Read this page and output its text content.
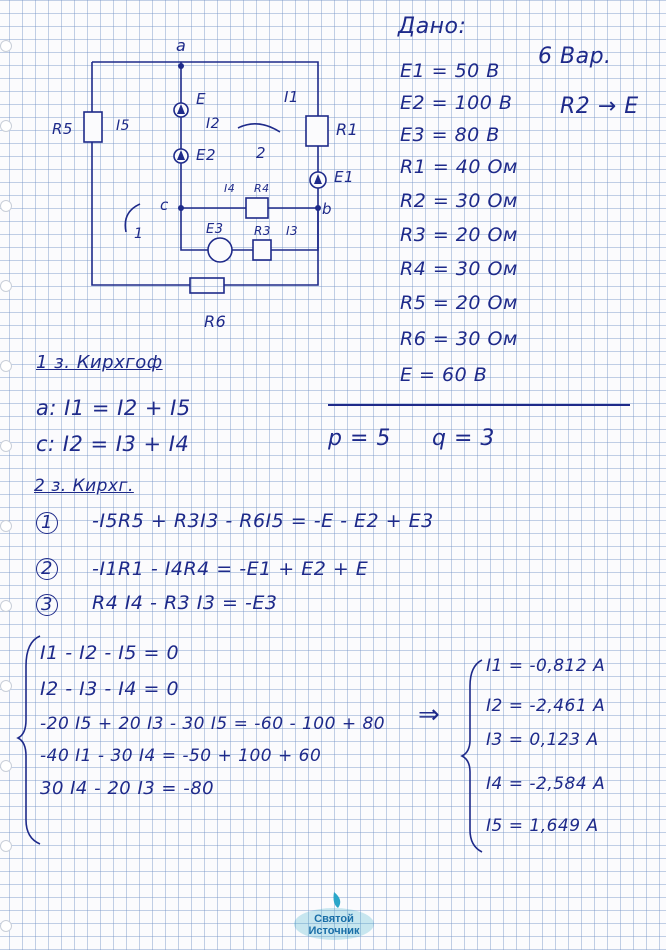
a
c	b
E
E2
E1
E3
R1
R3
R4
R5
R6
I1
I2
I3
I4
I5
1
2
Дано:
E1 = 50 В
E2 = 100 В
E3 = 80 В
R1 = 40 Ом
R2 = 30 Ом
R3 = 20 Ом
R4 = 30 Ом
R5 = 20 Ом
R6 = 30 Ом
E = 60 В
6 Вар.
R2 → E
p = 5 q = 3
1 з. Кирхгоф
a: I1 = I2 + I5
c: I2 = I3 + I4
2 з. Кирхг.
1 -I5R5 + R3I3 - R6I5 = -E - E2 + E3
2 -I1R1 - I4R4 = -E1 + E2 + E
3 R4 I4 - R3 I3 = -E3
I1 - I2 - I5 = 0
I2 - I3 - I4 = 0
-20 I5 + 20 I3 - 30 I5 = -60 - 100 + 80
-40 I1 - 30 I4 = -50 + 100 + 60
30 I4 - 20 I3 = -80
⇒
I1 = -0,812 A
I2 = -2,461 A
I3 = 0,123 A
I4 = -2,584 A
I5 = 1,649 A
Святой
Источник
